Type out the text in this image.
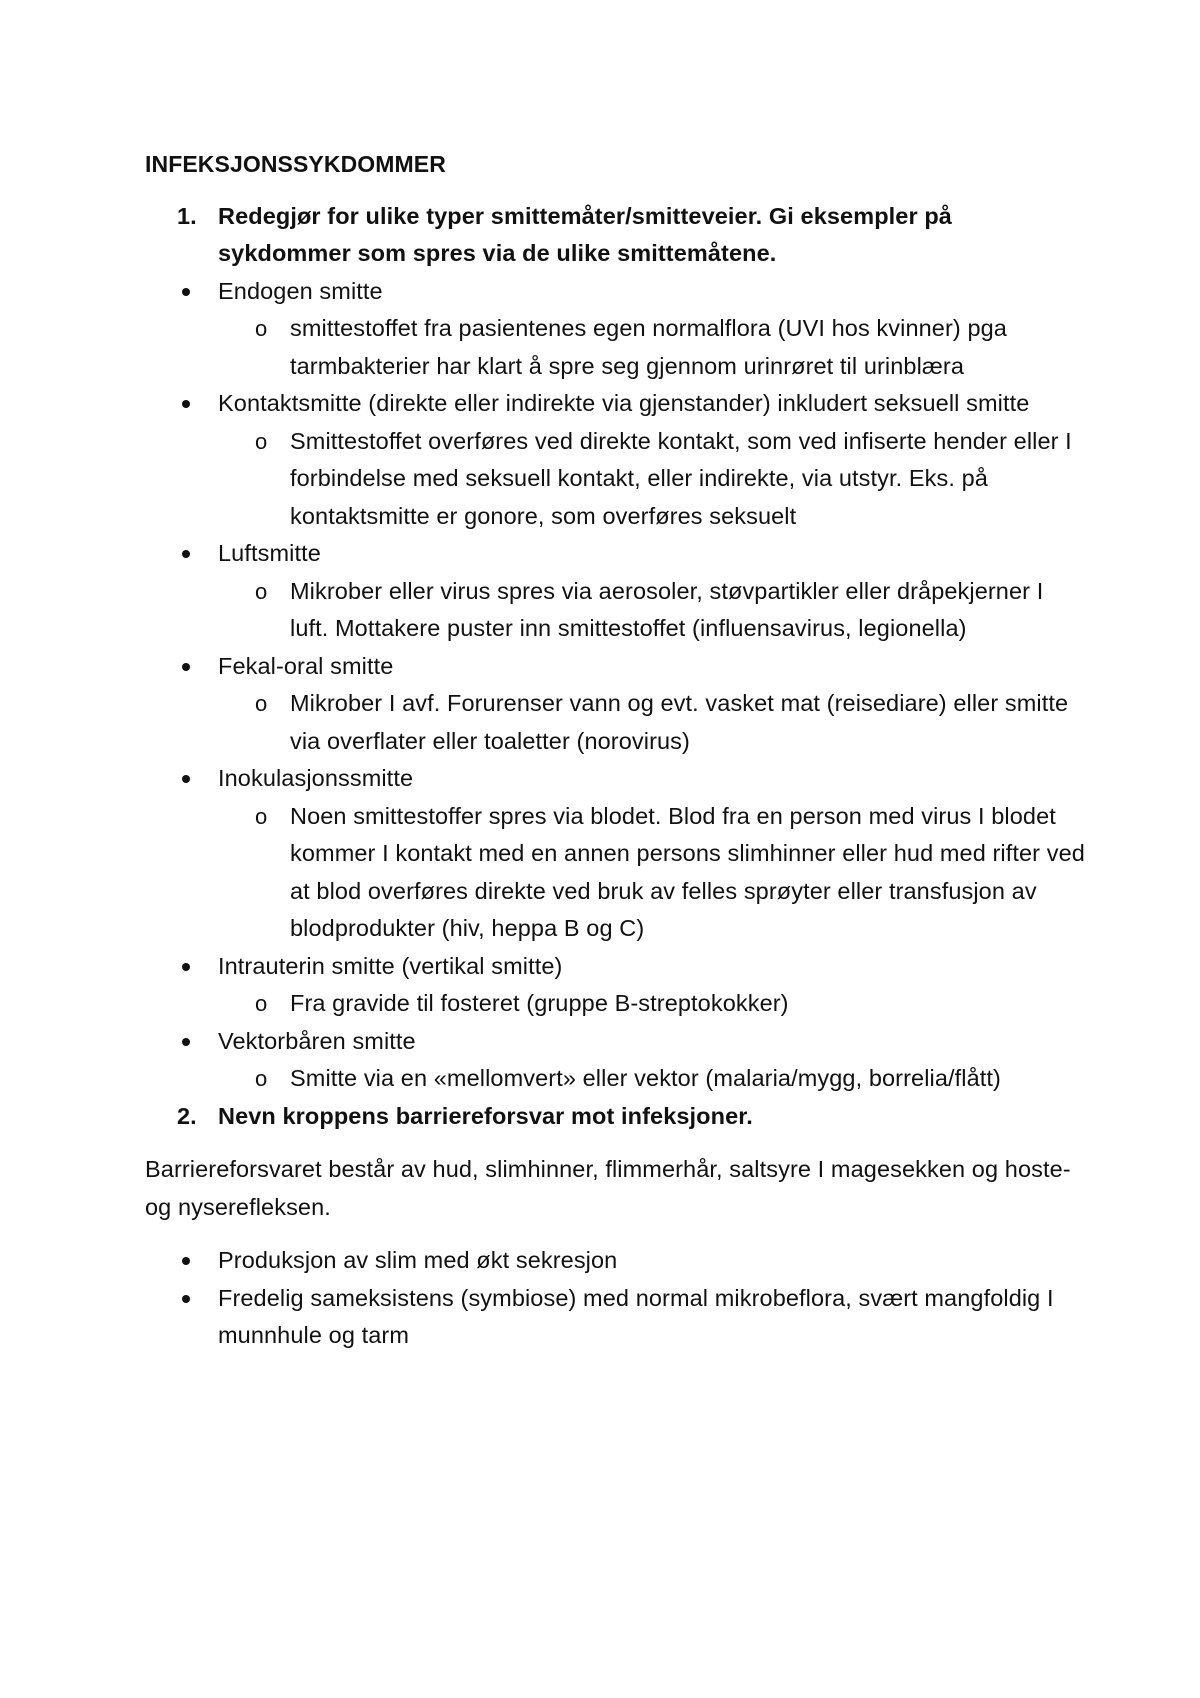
INFEKSJONSSYKDOMMER
1. Redegjør for ulike typer smittemåter/smitteveier. Gi eksempler på sykdommer som spres via de ulike smittemåtene.
Endogen smitte
o smittestoffet fra pasientenes egen normalflora (UVI hos kvinner) pga tarmbakterier har klart å spre seg gjennom urinrøret til urinblæra
Kontaktsmitte (direkte eller indirekte via gjenstander) inkludert seksuell smitte
o Smittestoffet overføres ved direkte kontakt, som ved infiserte hender eller I forbindelse med seksuell kontakt, eller indirekte, via utstyr. Eks. på kontaktsmitte er gonore, som overføres seksuelt
Luftsmitte
o Mikrober eller virus spres via aerosoler, støvpartikler eller dråpekjerner I luft. Mottakere puster inn smittestoffet (influensavirus, legionella)
Fekal-oral smitte
o Mikrober I avf. Forurenser vann og evt. vasket mat (reisediare) eller smitte via overflater eller toaletter (norovirus)
Inokulasjonssmitte
o Noen smittestoffer spres via blodet. Blod fra en person med virus I blodet kommer I kontakt med en annen persons slimhinner eller hud med rifter ved at blod overføres direkte ved bruk av felles sprøyter eller transfusjon av blodprodukter (hiv, heppa B og C)
Intrauterin smitte (vertikal smitte)
o Fra gravide til fosteret (gruppe B-streptokokker)
Vektorbåren smitte
o Smitte via en «mellomvert» eller vektor (malaria/mygg, borrelia/flått)
2. Nevn kroppens barriereforsvar mot infeksjoner.
Barriereforsvaret består av hud, slimhinner, flimmerhår, saltsyre I magesekken og hoste- og nyserefleksen.
Produksjon av slim med økt sekresjon
Fredelig sameksistens (symbiose) med normal mikrobeflora, svært mangfoldig I munnhule og tarm
